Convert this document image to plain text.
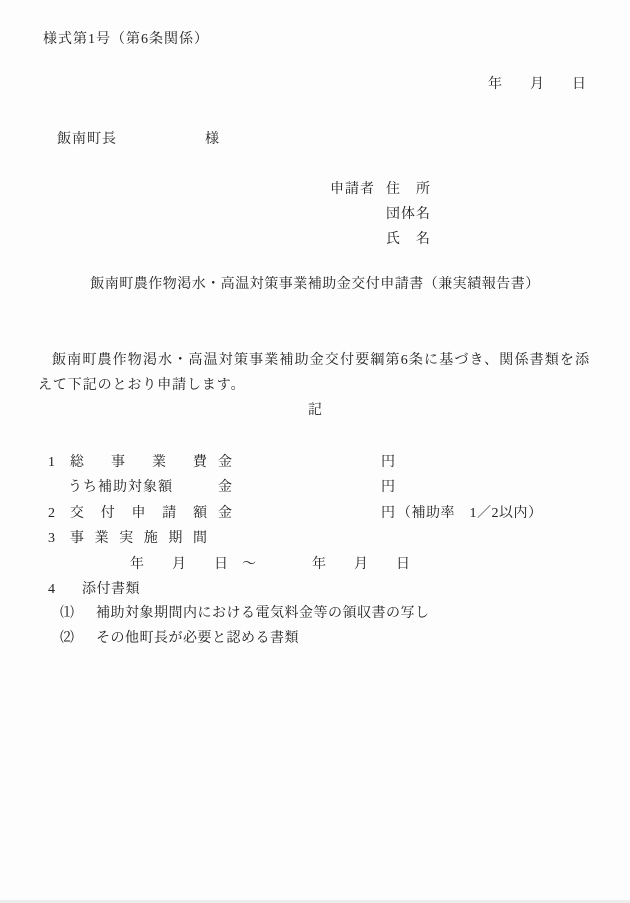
様式第1号（第6条関係）
年　　月　　日
飯南町長	様
申請者 住　所
団体名
氏　名
飯南町農作物渇水・高温対策事業補助金交付申請書（兼実績報告書）

飯南町農作物渇水・高温対策事業補助金交付要綱第6条に基づき、関係書類を添えて下記のとおり申請します。

記
1 総事業費 金	円
うち補助対象額	金	円
2 交付申請額 金	円 （補助率　1／2以内）
3 事業実施期間
年　　月　　日　～　　　　年　　月　　日
4 添付書類
⑴ 補助対象期間内における電気料金等の領収書の写し
⑵ その他町長が必要と認める書類
